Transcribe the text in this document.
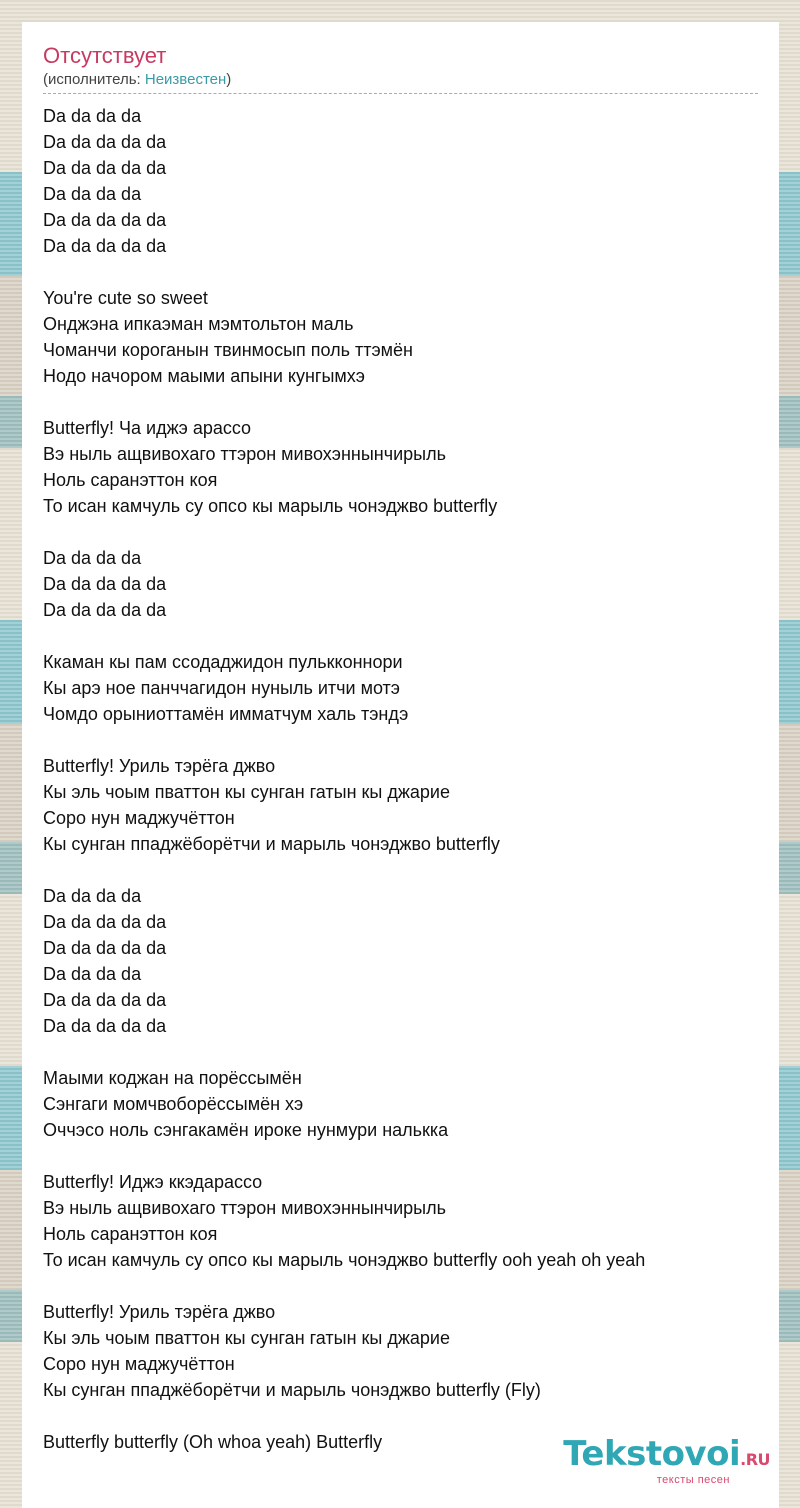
Отсутствует
(исполнитель: Неизвестен)
Da da da da
Da da da da da
Da da da da da
Da da da da
Da da da da da
Da da da da da
You're cute so sweet
Онджэна ипкаэман мэмтольтон маль
Чоманчи короганын твинмосып поль ттэмён
Нодо начором маыми апыни кунгымхэ
Butterfly! Ча иджэ арассо
Вэ ныль ащвивохаго ттэрон мивохэннынчирыль
Ноль саранэттон коя
То исан камчуль су опсо кы марыль чонэджво butterfly
Da da da da
Da da da da da
Da da da da da
Ккаман кы пам ссодаджидон пулькконнори
Кы арэ ное панччагидон нуныль итчи мотэ
Чомдо орыниоттамён имматчум халь тэндэ
Butterfly! Уриль тэрёга джво
Кы эль чоым пваттон кы сунган гатын кы джарие
Соро нун маджучёттон
Кы сунган ппаджёборётчи и марыль чонэджво butterfly
Da da da da
Da da da da da
Da da da da da
Da da da da
Da da da da da
Da da da da da
Маыми коджан на порёссымён
Сэнгаги момчвоборёссымён хэ
Оччэсо ноль сэнгакамён ироке нунмури налькка
Butterfly! Иджэ ккэдарассо
Вэ ныль ащвивохаго ттэрон мивохэннынчирыль
Ноль саранэттон коя
То исан камчуль су опсо кы марыль чонэджво butterfly ooh yeah oh yeah
Butterfly! Уриль тэрёга джво
Кы эль чоым пваттон кы сунган гатын кы джарие
Соро нун маджучёттон
Кы сунган ппаджёборётчи и марыль чонэджво butterfly (Fly)
Butterfly butterfly (Oh whoa yeah) Butterfly	Tekstovoi.RU
тексты песен
